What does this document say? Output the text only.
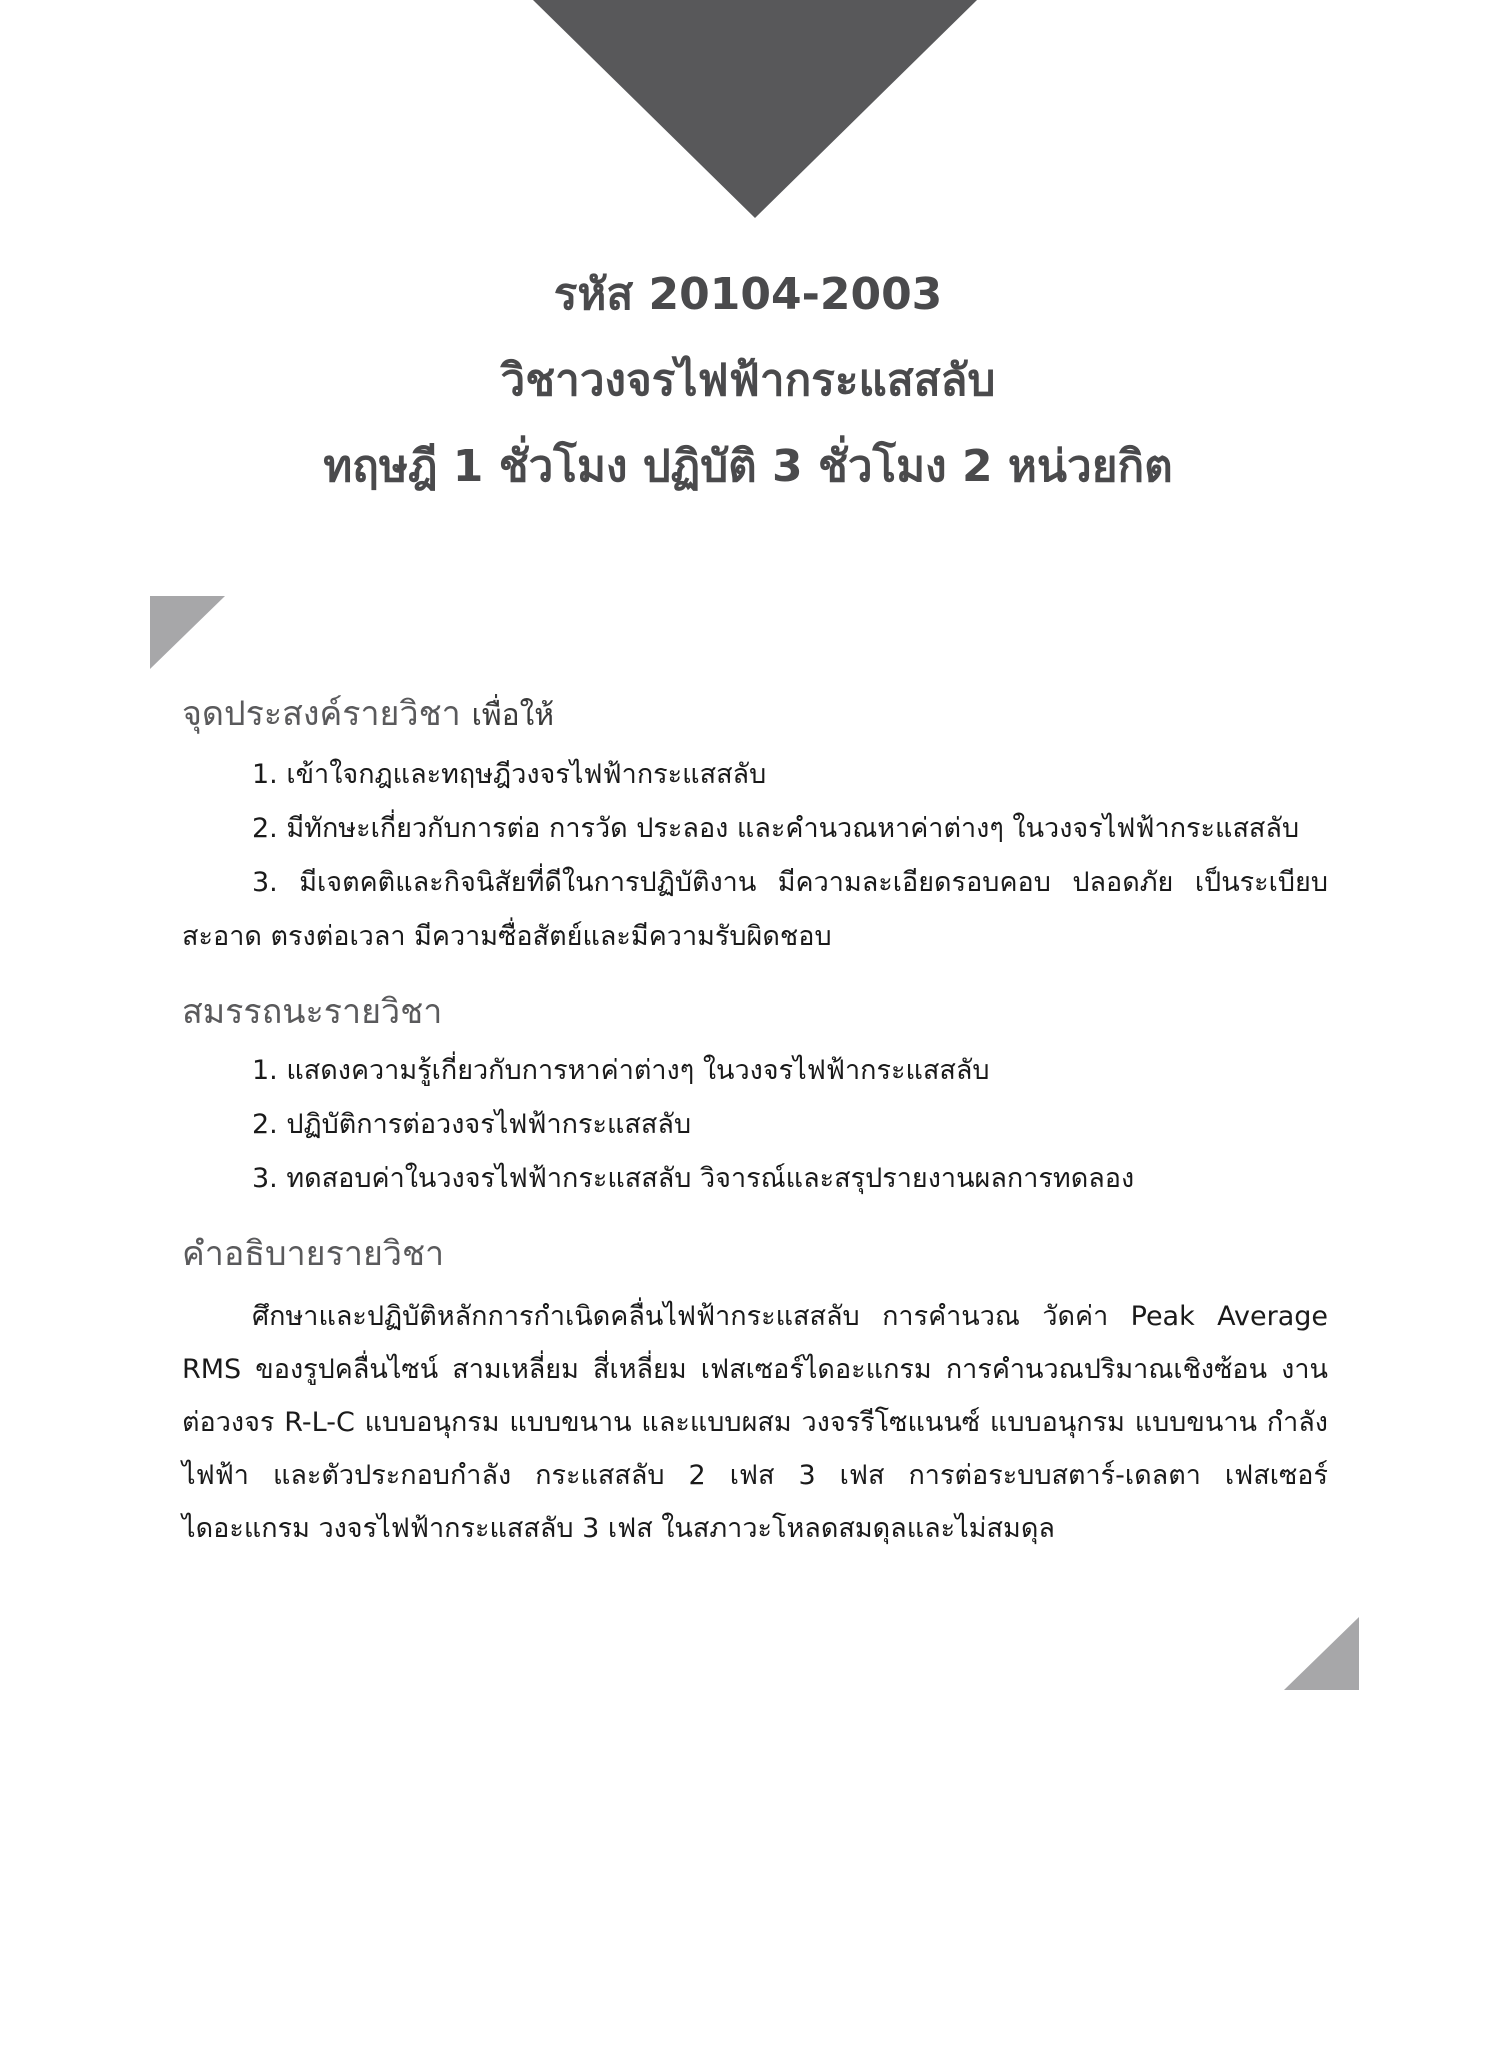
รหัส 20104-2003
วิชาวงจรไฟฟ้ากระแสสลับ
ทฤษฎี 1 ชั่วโมง ปฏิบัติ 3 ชั่วโมง 2 หน่วยกิต
จุดประสงค์รายวิชา เพื่อให้
1. เข้าใจกฎและทฤษฎีวงจรไฟฟ้ากระแสสลับ
2. มีทักษะเกี่ยวกับการต่อ การวัด ประลอง และคำนวณหาค่าต่างๆ ในวงจรไฟฟ้ากระแสสลับ
3. มีเจตคติและกิจนิสัยที่ดีในการปฏิบัติงาน มีความละเอียดรอบคอบ ปลอดภัย เป็นระเบียบ สะอาด ตรงต่อเวลา มีความซื่อสัตย์และมีความรับผิดชอบ
สมรรถนะรายวิชา
1. แสดงความรู้เกี่ยวกับการหาค่าต่างๆ ในวงจรไฟฟ้ากระแสสลับ
2. ปฏิบัติการต่อวงจรไฟฟ้ากระแสสลับ
3. ทดสอบค่าในวงจรไฟฟ้ากระแสสลับ วิจารณ์และสรุปรายงานผลการทดลอง
คำอธิบายรายวิชา

ศึกษาและปฏิบัติหลักการกำเนิดคลื่นไฟฟ้ากระแสสลับ การคำนวณ วัดค่า Peak Average RMS ของรูปคลื่นไซน์ สามเหลี่ยม สี่เหลี่ยม เฟสเซอร์ไดอะแกรม การคำนวณปริมาณเชิงซ้อน งานต่อวงจร R-L-C แบบอนุกรม แบบขนาน และแบบผสม วงจรรีโซแนนซ์ แบบอนุกรม แบบขนาน กำลังไฟฟ้า และตัวประกอบกำลัง กระแสสลับ 2 เฟส 3 เฟส การต่อระบบสตาร์-เดลตา เฟสเซอร์ไดอะแกรม วงจรไฟฟ้ากระแสสลับ 3 เฟส ในสภาวะโหลดสมดุลและไม่สมดุล
